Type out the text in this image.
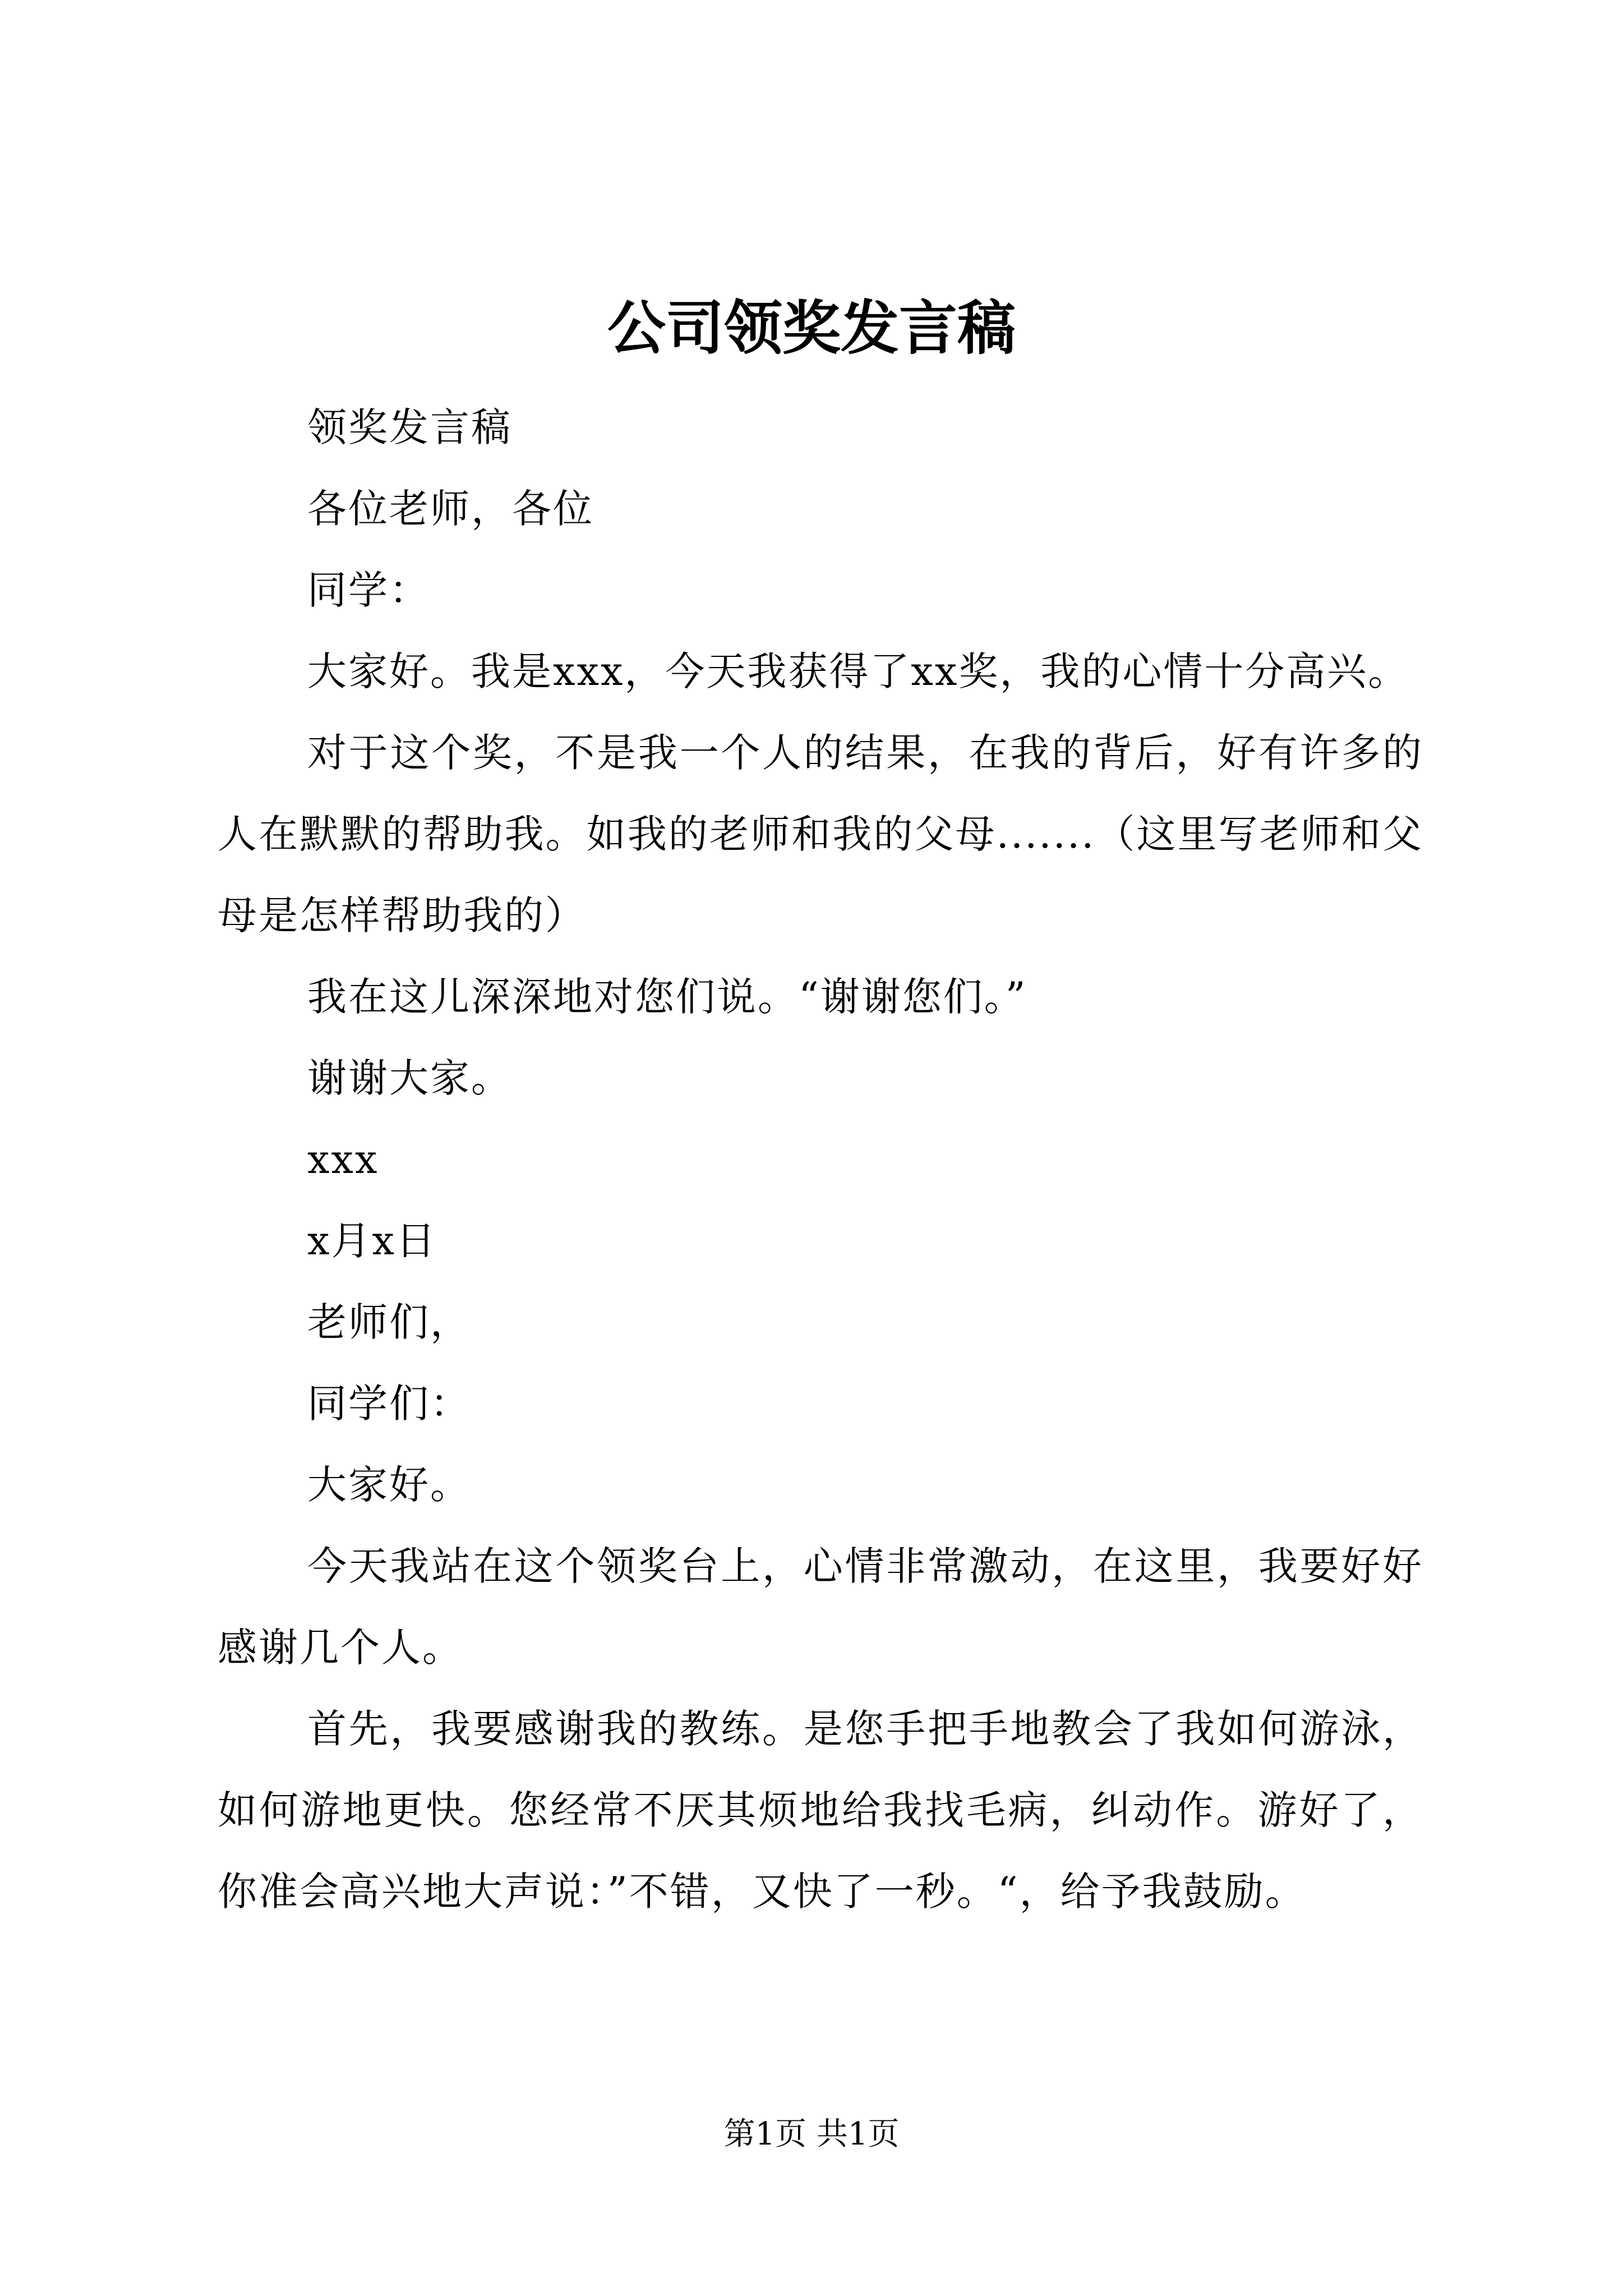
公司领奖发言稿

领奖发言稿

各位老师，各位

同学：

大家好。我是xxx，今天我获得了xx奖，我的心情十分高兴。

对于这个奖，不是我一个人的结果，在我的背后，好有许多的人在默默的帮助我。如我的老师和我的父母.......（这里写老师和父母是怎样帮助我的）

我在这儿深深地对您们说。“谢谢您们。”

谢谢大家。

xxx

x月x日

老师们，

同学们：

大家好。

今天我站在这个领奖台上，心情非常激动，在这里，我要好好感谢几个人。

首先，我要感谢我的教练。是您手把手地教会了我如何游泳，如何游地更快。您经常不厌其烦地给我找毛病，纠动作。游好了，你准会高兴地大声说：”不错，又快了一秒。“，给予我鼓励。

第1页 共1页
